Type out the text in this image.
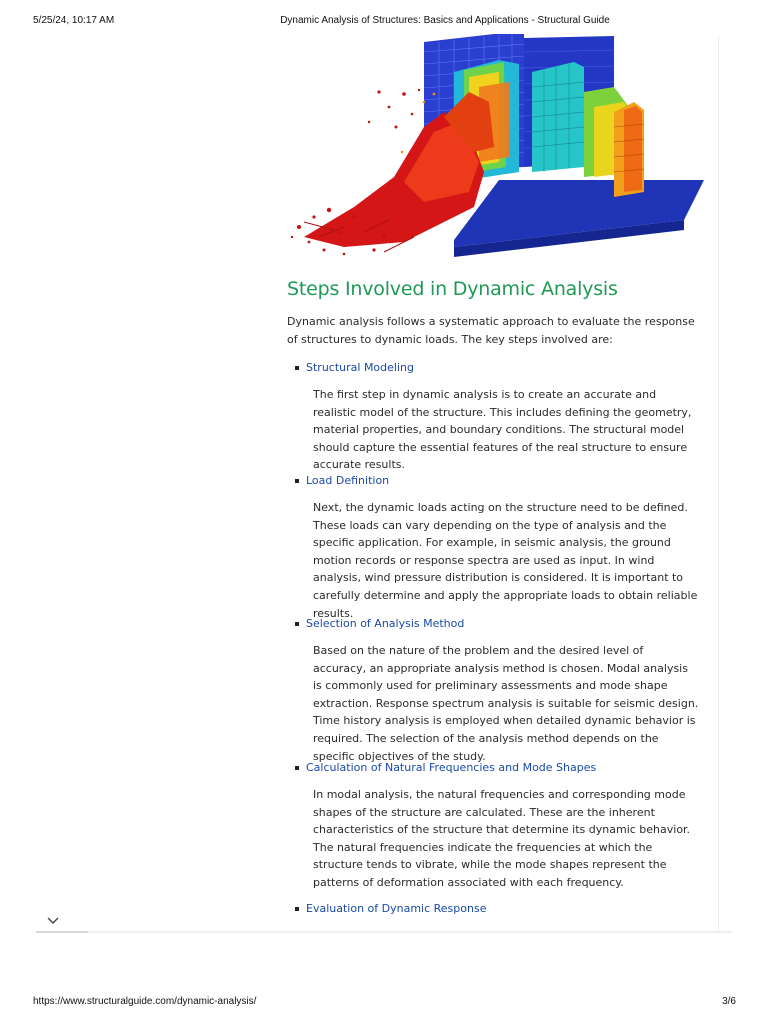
5/25/24, 10:17 AM	Dynamic Analysis of Structures: Basics and Applications - Structural Guide
Steps Involved in Dynamic Analysis

Dynamic analysis follows a systematic approach to evaluate the response of structures to dynamic loads. The key steps involved are:

Structural Modeling

The first step in dynamic analysis is to create an accurate and realistic model of the structure. This includes defining the geometry, material properties, and boundary conditions. The structural model should capture the essential features of the real structure to ensure accurate results.

Load Definition

Next, the dynamic loads acting on the structure need to be defined. These loads can vary depending on the type of analysis and the specific application. For example, in seismic analysis, the ground motion records or response spectra are used as input. In wind analysis, wind pressure distribution is considered. It is important to carefully determine and apply the appropriate loads to obtain reliable results.

Selection of Analysis Method

Based on the nature of the problem and the desired level of accuracy, an appropriate analysis method is chosen. Modal analysis is commonly used for preliminary assessments and mode shape extraction. Response spectrum analysis is suitable for seismic design. Time history analysis is employed when detailed dynamic behavior is required. The selection of the analysis method depends on the specific objectives of the study.

Calculation of Natural Frequencies and Mode Shapes

In modal analysis, the natural frequencies and corresponding mode shapes of the structure are calculated. These are the inherent characteristics of the structure that determine its dynamic behavior. The natural frequencies indicate the frequencies at which the structure tends to vibrate, while the mode shapes represent the patterns of deformation associated with each frequency.

Evaluation of Dynamic Response

https://www.structuralguide.com/dynamic-analysis/	3/6
